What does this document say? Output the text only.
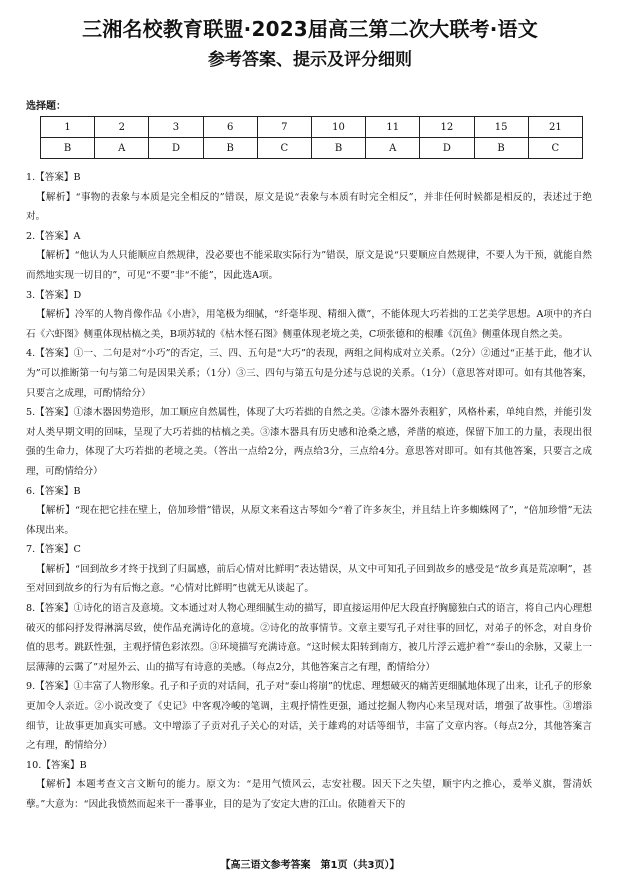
三湘名校教育联盟·2023届高三第二次大联考·语文
参考答案、提示及评分细则
选择题：
1	2	3	6	7	10	11	12	15	21
B	A	D	B	C	B	A	D	B	C
1.【答案】B
【解析】“事物的表象与本质是完全相反的”错误，原文是说“表象与本质有时完全相反”，并非任何时候都是相反的，表述过于绝对。
2.【答案】A
【解析】“他认为人只能顺应自然规律，没必要也不能采取实际行为”错误，原文是说“只要顺应自然规律，不要人为干预，就能自然而然地实现一切目的”，可见“不要”非“不能”，因此选A项。
3.【答案】D
【解析】冷军的人物肖像作品《小唐》，用笔极为细腻，“纤毫毕现、精细入微”，不能体现大巧若拙的工艺美学思想。A项中的齐白石《六虾图》侧重体现枯槁之美，B项苏轼的《枯木怪石图》侧重体现老境之美，C项张德和的根雕《沉鱼》侧重体现自然之美。
4.【答案】①一、二句是对“小巧”的否定，三、四、五句是“大巧”的表现，两组之间构成对立关系。（2分）②通过“正基于此，他才认为”可以推断第一句与第二句是因果关系；（1分）③三、四句与第五句是分述与总说的关系。（1分）（意思答对即可。如有其他答案，只要言之成理，可酌情给分）
5.【答案】①漆木器因势造形，加工顺应自然属性，体现了大巧若拙的自然之美。②漆木器外表粗犷，风格朴素，单纯自然，并能引发对人类早期文明的回味，呈现了大巧若拙的枯槁之美。③漆木器具有历史感和沧桑之感，斧凿的痕迹，保留下加工的力量，表现出很强的生命力，体现了大巧若拙的老境之美。（答出一点给2分，两点给3分，三点给4分。意思答对即可。如有其他答案，只要言之成理，可酌情给分）
6.【答案】B
【解析】“现在把它挂在壁上，倍加珍惜”错误，从原文来看这古琴如今“着了许多灰尘，并且结上许多蜘蛛网了”，“倍加珍惜”无法体现出来。
7.【答案】C
【解析】“回到故乡才终于找到了归属感，前后心情对比鲜明”表达错误，从文中可知孔子回到故乡的感受是“故乡真是荒凉啊”，甚至对回到故乡的行为有后悔之意。“心情对比鲜明”也就无从谈起了。
8.【答案】①诗化的语言及意境。文本通过对人物心理细腻生动的描写，即直接运用仲尼大段直抒胸臆独白式的语言，将自己内心理想破灭的郁闷抒发得淋漓尽致，使作品充满诗化的意境。②诗化的故事情节。文章主要写孔子对往事的回忆，对弟子的怀念，对自身价值的思考。跳跃性强，主观抒情色彩浓烈。③环境描写充满诗意。“这时候太阳转到南方，被几片浮云遮护着”“泰山的余脉，又蒙上一层薄薄的云霭了”对屋外云、山的描写有诗意的美感。（每点2分，其他答案言之有理，酌情给分）
9.【答案】①丰富了人物形象。孔子和子贡的对话间，孔子对“泰山将崩”的忧虑、理想破灭的痛苦更细腻地体现了出来，让孔子的形象更加令人亲近。②小说改变了《史记》中客观冷峻的笔调，主观抒情性更强，通过挖掘人物内心来呈现对话，增强了故事性。③增添细节，让故事更加真实可感。文中增添了子贡对孔子关心的对话，关于雄鸡的对话等细节，丰富了文章内容。（每点2分，其他答案言之有理，酌情给分）
10.【答案】B
【解析】本题考查文言文断句的能力。原文为：“是用气愤风云，志安社稷。因天下之失望，顺宇内之推心，爰举义旗，誓清妖孽。”大意为：“因此我愤然而起来干一番事业，目的是为了安定大唐的江山。依随着天下的
【高三语文参考答案　第1页（共3页）】
